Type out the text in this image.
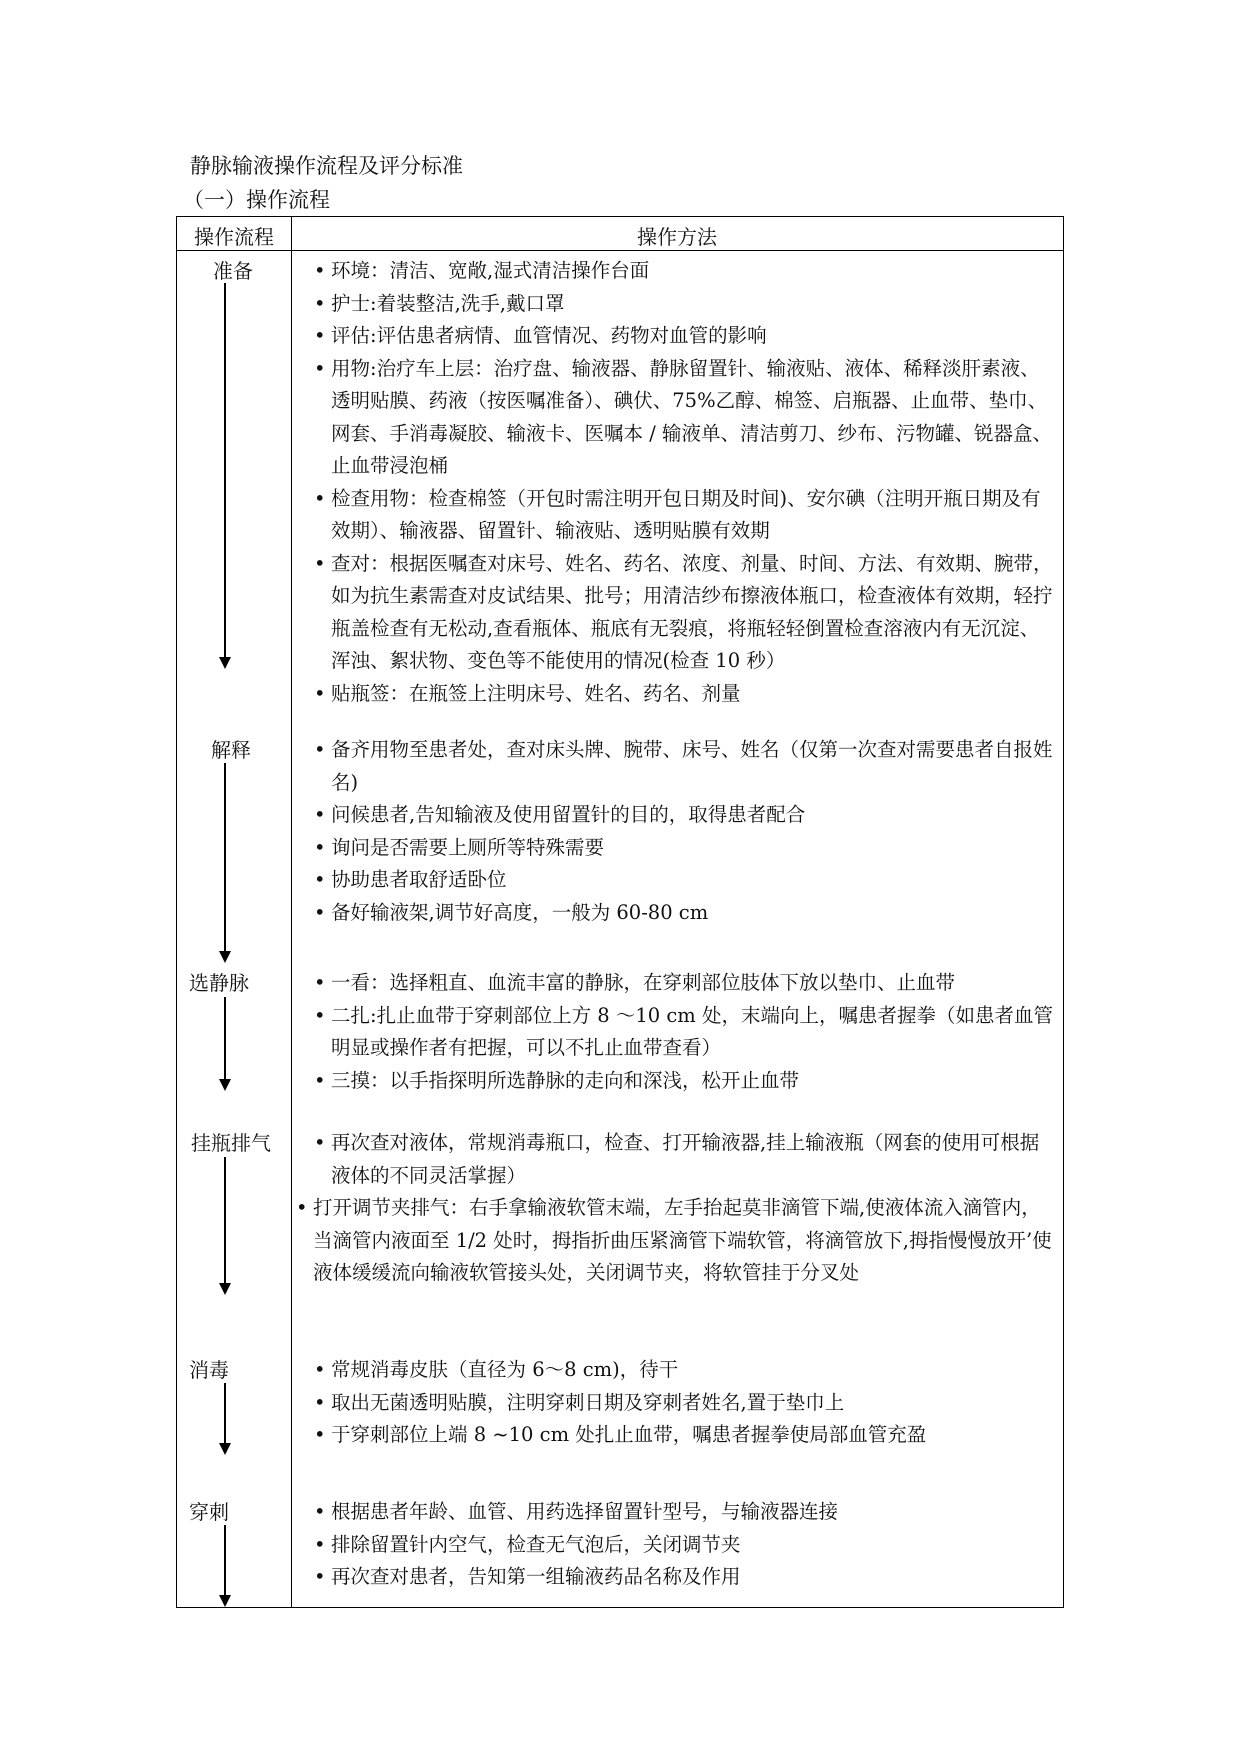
静脉输液操作流程及评分标准
（一）操作流程
操作流程	操作方法
准备	• 环境：清洁、宽敞,湿式清洁操作台面
• 护士:着装整洁,洗手,戴口罩
• 评估:评估患者病情、血管情况、药物对血管的影响
• 用物:治疗车上层：治疗盘、输液器、静脉留置针、输液贴、液体、稀释淡肝素液、透明贴膜、药液（按医嘱准备）、碘伏、75%乙醇、棉签、启瓶器、止血带、垫巾、网套、手消毒凝胶、输液卡、医嘱本 / 输液单、清洁剪刀、纱布、污物罐、锐器盒、止血带浸泡桶
• 检查用物：检查棉签（开包时需注明开包日期及时间)、安尔碘（注明开瓶日期及有效期）、输液器、留置针、输液贴、透明贴膜有效期
• 查对：根据医嘱查对床号、姓名、药名、浓度、剂量、时间、方法、有效期、腕带，如为抗生素需查对皮试结果、批号；用清洁纱布擦液体瓶口，检查液体有效期，轻拧瓶盖检查有无松动,查看瓶体、瓶底有无裂痕，将瓶轻轻倒置检查溶液内有无沉淀、浑浊、絮状物、变色等不能使用的情况(检查 10 秒）
• 贴瓶签：在瓶签上注明床号、姓名、药名、剂量
解释	• 备齐用物至患者处，查对床头牌、腕带、床号、姓名（仅第一次查对需要患者自报姓名)
• 问候患者,告知输液及使用留置针的目的，取得患者配合
• 询问是否需要上厕所等特殊需要
• 协助患者取舒适卧位
• 备好输液架,调节好高度，一般为 60-80 cm
选静脉	• 一看：选择粗直、血流丰富的静脉，在穿刺部位肢体下放以垫巾、止血带
• 二扎:扎止血带于穿刺部位上方 8 ～10 cm 处，末端向上，嘱患者握拳（如患者血管明显或操作者有把握，可以不扎止血带查看）
• 三摸：以手指探明所选静脉的走向和深浅，松开止血带
挂瓶排气	• 再次查对液体，常规消毒瓶口，检查、打开输液器,挂上输液瓶（网套的使用可根据液体的不同灵活掌握）
• 打开调节夹排气：右手拿输液软管末端，左手抬起莫非滴管下端,使液体流入滴管内，当滴管内液面至 1/2 处时，拇指折曲压紧滴管下端软管，将滴管放下,拇指慢慢放开’使液体缓缓流向输液软管接头处，关闭调节夹，将软管挂于分叉处
消毒	• 常规消毒皮肤（直径为 6～8 cm)，待干
• 取出无菌透明贴膜，注明穿刺日期及穿刺者姓名,置于垫巾上
• 于穿刺部位上端 8 ~10 cm 处扎止血带，嘱患者握拳使局部血管充盈
穿刺	• 根据患者年龄、血管、用药选择留置针型号，与输液器连接
• 排除留置针内空气，检查无气泡后，关闭调节夹
• 再次查对患者，告知第一组输液药品名称及作用
